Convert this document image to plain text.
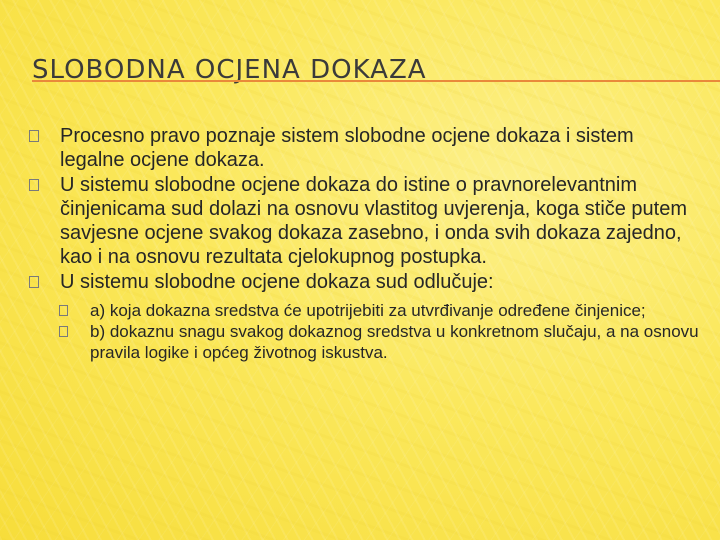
SLOBODNA OCJENA DOKAZA
Procesno pravo poznaje sistem slobodne ocjene dokaza i sistem legalne ocjene dokaza.
U sistemu slobodne ocjene dokaza do istine o pravnorelevantnim činjenicama sud dolazi na osnovu vlastitog uvjerenja, koga stiče putem savjesne ocjene svakog dokaza zasebno, i onda svih dokaza zajedno, kao i na osnovu rezultata cjelokupnog postupka.
U sistemu slobodne ocjene dokaza sud odlučuje:
a) koja dokazna sredstva će upotrijebiti za utvrđivanje određene činjenice;
b) dokaznu snagu svakog dokaznog sredstva u konkretnom slučaju, a na osnovu pravila logike i općeg životnog iskustva.
